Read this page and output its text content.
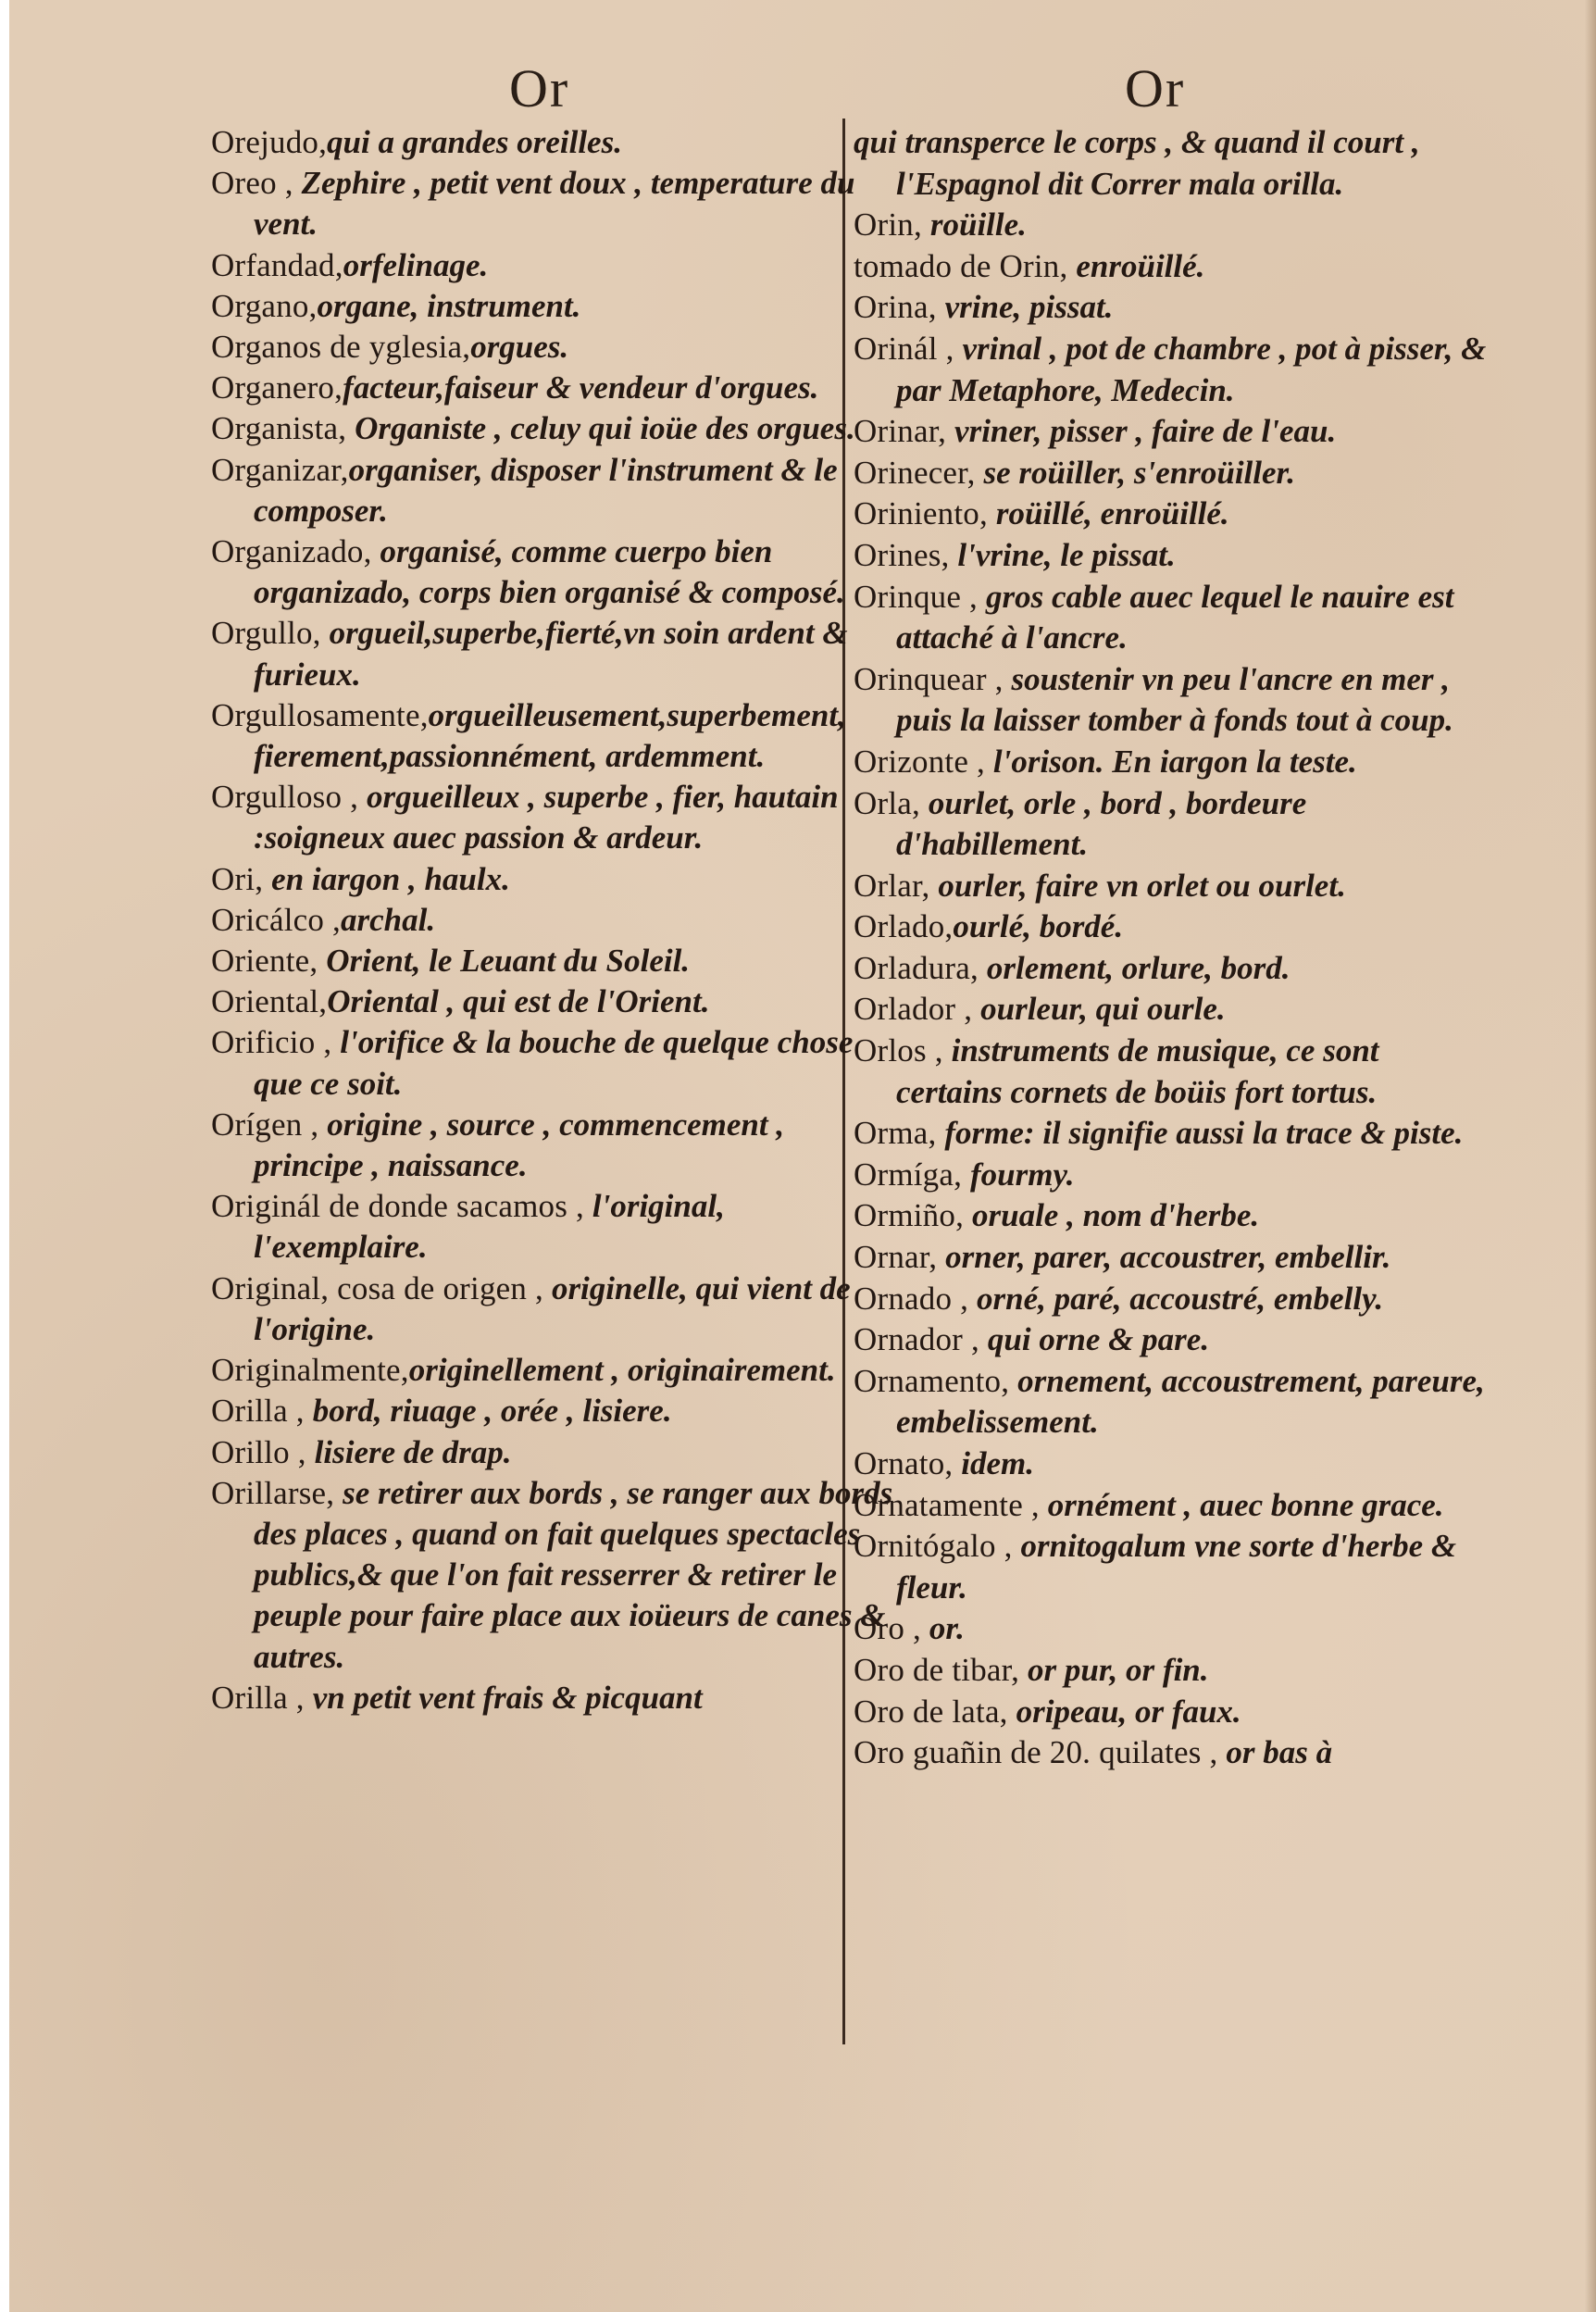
Or	Or
Orejudo,qui a grandes oreilles.
Oreo , Zephire , petit vent doux , temperature du vent.
Orfandad,orfelinage.
Organo,organe, instrument.
Organos de yglesia,orgues.
Organero,facteur,faiseur & vendeur d'orgues.
Organista, Organiste , celuy qui ioüe des orgues.
Organizar,organiser, disposer l'instrument & le composer.
Organizado, organisé, comme cuerpo bien organizado, corps bien organisé & composé.
Orgullo, orgueil,superbe,fierté,vn soin ardent & furieux.
Orgullosamente,orgueilleusement,superbement, fierement,passionnément, ardemment.
Orgulloso , orgueilleux , superbe , fier, hautain :soigneux auec passion & ardeur.
Ori, en iargon , haulx.
Oricálco ,archal.
Oriente, Orient, le Leuant du Soleil.
Oriental,Oriental , qui est de l'Orient.
Orificio , l'orifice & la bouche de quelque chose que ce soit.
Orígen , origine , source , commencement , principe , naissance.
Originál de donde sacamos , l'original, l'exemplaire.
Original, cosa de origen , originelle, qui vient de l'origine.
Originalmente,originellement , originairement.
Orilla , bord, riuage , orée , lisiere.
Orillo , lisiere de drap.
Orillarse, se retirer aux bords , se ranger aux bords des places , quand on fait quelques spectacles publics,& que l'on fait resserrer & retirer le peuple pour faire place aux ioüeurs de canes & autres.
Orilla , vn petit vent frais & picquant
qui transperce le corps , & quand il court , l'Espagnol dit Correr mala orilla.
Orin, roüille.
tomado de Orin, enroüillé.
Orina, vrine, pissat.
Orinál , vrinal , pot de chambre , pot à pisser, & par Metaphore, Medecin.
Orinar, vriner, pisser , faire de l'eau.
Orinecer, se roüiller, s'enroüiller.
Oriniento, roüillé, enroüillé.
Orines, l'vrine, le pissat.
Orinque , gros cable auec lequel le nauire est attaché à l'ancre.
Orinquear , soustenir vn peu l'ancre en mer , puis la laisser tomber à fonds tout à coup.
Orizonte , l'orison. En iargon la teste.
Orla, ourlet, orle , bord , bordeure d'habillement.
Orlar, ourler, faire vn orlet ou ourlet.
Orlado,ourlé, bordé.
Orladura, orlement, orlure, bord.
Orlador , ourleur, qui ourle.
Orlos , instruments de musique, ce sont certains cornets de boüis fort tortus.
Orma, forme: il signifie aussi la trace & piste.
Ormíga, fourmy.
Ormiño, oruale , nom d'herbe.
Ornar, orner, parer, accoustrer, embellir.
Ornado , orné, paré, accoustré, embelly.
Ornador , qui orne & pare.
Ornamento, ornement, accoustrement, pareure, embelissement.
Ornato, idem.
Ornatamente , ornément , auec bonne grace.
Ornitógalo , ornitogalum vne sorte d'herbe & fleur.
Oro , or.
Oro de tibar, or pur, or fin.
Oro de lata, oripeau, or faux.
Oro guañin de 20. quilates , or bas à
